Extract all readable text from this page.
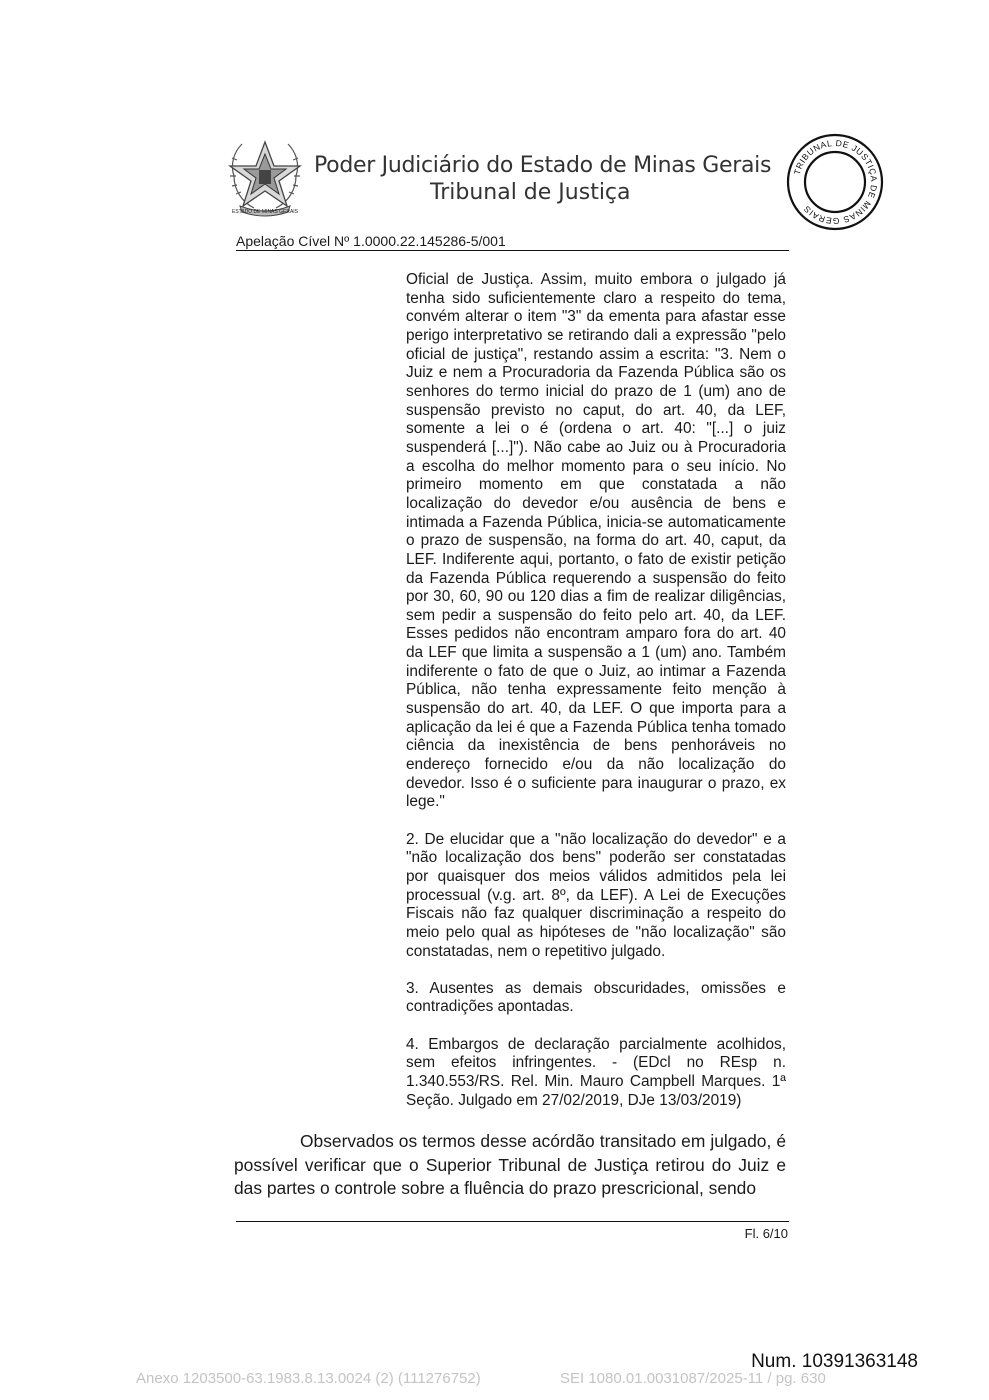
ESTADO DE MINAS GERAIS
Poder Judiciário do Estado de Minas Gerais
Tribunal de Justiça
TRIBUNAL DE JUSTIÇA DE MINAS GERAIS
Apelação Cível Nº 1.0000.22.145286-5/001

Oficial de Justiça. Assim, muito embora o julgado já tenha sido suficientemente claro a respeito do tema, convém alterar o item "3" da ementa para afastar esse perigo interpretativo se retirando dali a expressão "pelo oficial de justiça", restando assim a escrita: "3. Nem o Juiz e nem a Procuradoria da Fazenda Pública são os senhores do termo inicial do prazo de 1 (um) ano de suspensão previsto no caput, do art. 40, da LEF, somente a lei o é (ordena o art. 40: "[...] o juiz suspenderá [...]"). Não cabe ao Juiz ou à Procuradoria a escolha do melhor momento para o seu início. No primeiro momento em que constatada a não localização do devedor e/ou ausência de bens e intimada a Fazenda Pública, inicia-se automaticamente o prazo de suspensão, na forma do art. 40, caput, da LEF. Indiferente aqui, portanto, o fato de existir petição da Fazenda Pública requerendo a suspensão do feito por 30, 60, 90 ou 120 dias a fim de realizar diligências, sem pedir a suspensão do feito pelo art. 40, da LEF. Esses pedidos não encontram amparo fora do art. 40 da LEF que limita a suspensão a 1 (um) ano. Também indiferente o fato de que o Juiz, ao intimar a Fazenda Pública, não tenha expressamente feito menção à suspensão do art. 40, da LEF. O que importa para a aplicação da lei é que a Fazenda Pública tenha tomado ciência da inexistência de bens penhoráveis no endereço fornecido e/ou da não localização do devedor. Isso é o suficiente para inaugurar o prazo, ex lege."

2. De elucidar que a "não localização do devedor" e a "não localização dos bens" poderão ser constatadas por quaisquer dos meios válidos admitidos pela lei processual (v.g. art. 8º, da LEF). A Lei de Execuções Fiscais não faz qualquer discriminação a respeito do meio pelo qual as hipóteses de "não localização" são constatadas, nem o repetitivo julgado.

3. Ausentes as demais obscuridades, omissões e contradições apontadas.

4. Embargos de declaração parcialmente acolhidos, sem efeitos infringentes. - (EDcl no REsp n. 1.340.553/RS. Rel. Min. Mauro Campbell Marques. 1ª Seção. Julgado em 27/02/2019, DJe 13/03/2019)

Observados os termos desse acórdão transitado em julgado, é possível verificar que o Superior Tribunal de Justiça retirou do Juiz e das partes o controle sobre a fluência do prazo prescricional, sendo

Fl. 6/10
Num. 10391363148
Anexo 1203500-63.1983.8.13.0024 (2) (111276752)	SEI 1080.01.0031087/2025-11 / pg. 630
